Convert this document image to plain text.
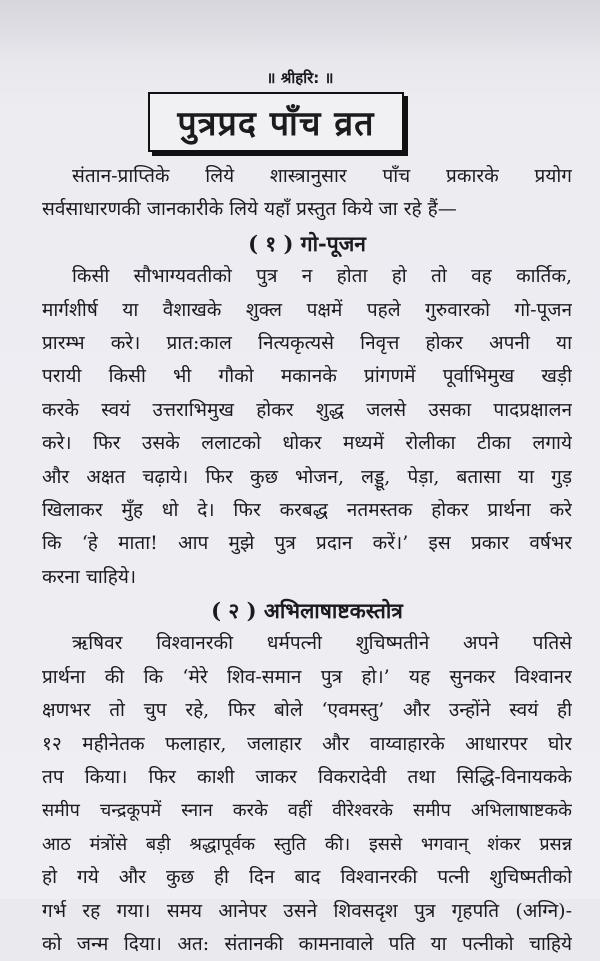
॥ श्रीहरि: ॥
पुत्रप्रद पाँच व्रत
संतान-प्राप्तिके लिये शास्त्रानुसार पाँच प्रकारके प्रयोग
सर्वसाधारणकी जानकारीके लिये यहाँ प्रस्तुत किये जा रहे हैं—
( १ ) गो-पूजन
किसी सौभाग्यवतीको पुत्र न होता हो तो वह कार्तिक,
मार्गशीर्ष या वैशाखके शुक्ल पक्षमें पहले गुरुवारको गो-पूजन
प्रारम्भ करे। प्रात:काल नित्यकृत्यसे निवृत्त होकर अपनी या
परायी किसी भी गौको मकानके प्रांगणमें पूर्वाभिमुख खड़ी
करके स्वयं उत्तराभिमुख होकर शुद्ध जलसे उसका पादप्रक्षालन
करे। फिर उसके ललाटको धोकर मध्यमें रोलीका टीका लगाये
और अक्षत चढ़ाये। फिर कुछ भोजन, लड्डू, पेड़ा, बतासा या गुड़
खिलाकर मुँह धो दे। फिर करबद्ध नतमस्तक होकर प्रार्थना करे
कि ‘हे माता! आप मुझे पुत्र प्रदान करें।’ इस प्रकार वर्षभर
करना चाहिये।
( २ ) अभिलाषाष्टकस्तोत्र
ऋषिवर विश्वानरकी धर्मपत्नी शुचिष्मतीने अपने पतिसे
प्रार्थना की कि ‘मेरे शिव-समान पुत्र हो।’ यह सुनकर विश्वानर
क्षणभर तो चुप रहे, फिर बोले ‘एवमस्तु’ और उन्होंने स्वयं ही
१२ महीनेतक फलाहार, जलाहार और वाय्वाहारके आधारपर घोर
तप किया। फिर काशी जाकर विकरादेवी तथा सिद्धि-विनायकके
समीप चन्द्रकूपमें स्नान करके वहीं वीरेश्वरके समीप अभिलाषाष्टकके
आठ मंत्रोंसे बड़ी श्रद्धापूर्वक स्तुति की। इससे भगवान् शंकर प्रसन्न
हो गये और कुछ ही दिन बाद विश्वानरकी पत्नी शुचिष्मतीको
गर्भ रह गया। समय आनेपर उसने शिवसदृश पुत्र गृहपति (अग्नि)-
को जन्म दिया। अत: संतानकी कामनावाले पति या पत्नीको चाहिये
